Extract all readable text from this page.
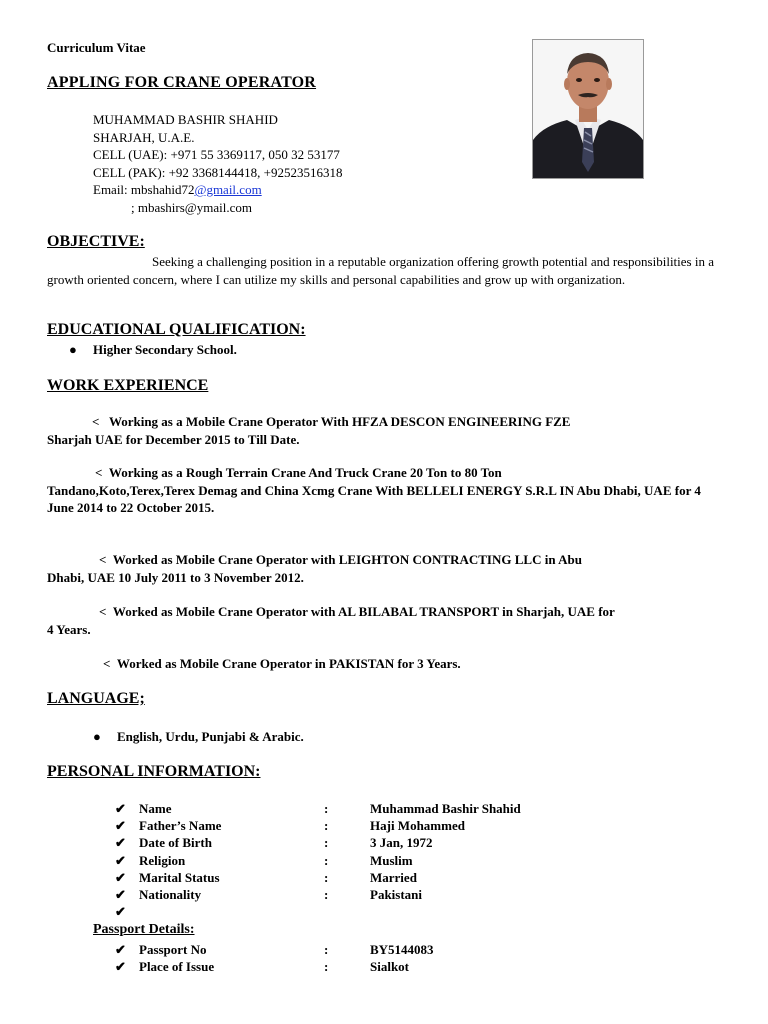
Curriculum Vitae
APPLING FOR CRANE OPERATOR
MUHAMMAD BASHIR SHAHID
SHARJAH, U.A.E.
CELL (UAE): +971 55 3369117, 050 32 53177
CELL (PAK): +92 3368144418, +92523516318
Email: mbshahid72@gmail.com
; mbashirs@ymail.com
OBJECTIVE:
Seeking a challenging position in a reputable organization offering growth potential and responsibilities in a growth oriented concern, where I can utilize my skills and personal capabilities and grow up with organization.
EDUCATIONAL QUALIFICATION:
● Higher Secondary School.
WORK EXPERIENCE
< Working as a Mobile Crane Operator With HFZA DESCON ENGINEERING FZE
Sharjah UAE for December 2015 to Till Date.
< Working as a Rough Terrain Crane And Truck Crane 20 Ton to 80 Ton
Tandano,Koto,Terex,Terex Demag and China Xcmg Crane With BELLELI ENERGY S.R.L IN Abu Dhabi, UAE for 4 June 2014 to 22 October 2015.
< Worked as Mobile Crane Operator with LEIGHTON CONTRACTING LLC in Abu
Dhabi, UAE 10 July 2011 to 3 November 2012.
< Worked as Mobile Crane Operator with AL BILABAL TRANSPORT in Sharjah, UAE for
4 Years.
< Worked as Mobile Crane Operator in PAKISTAN for 3 Years.
LANGUAGE;
● English, Urdu, Punjabi & Arabic.
PERSONAL INFORMATION:
✔ Name	:	Muhammad Bashir Shahid
✔ Father’s Name	:	Haji Mohammed
✔ Date of Birth	:	3 Jan, 1972
✔ Religion	:	Muslim
✔ Marital Status	:	Married
✔ Nationality	:	Pakistani
✔
Passport Details:
✔ Passport No	:	BY5144083
✔ Place of Issue	:	Sialkot
